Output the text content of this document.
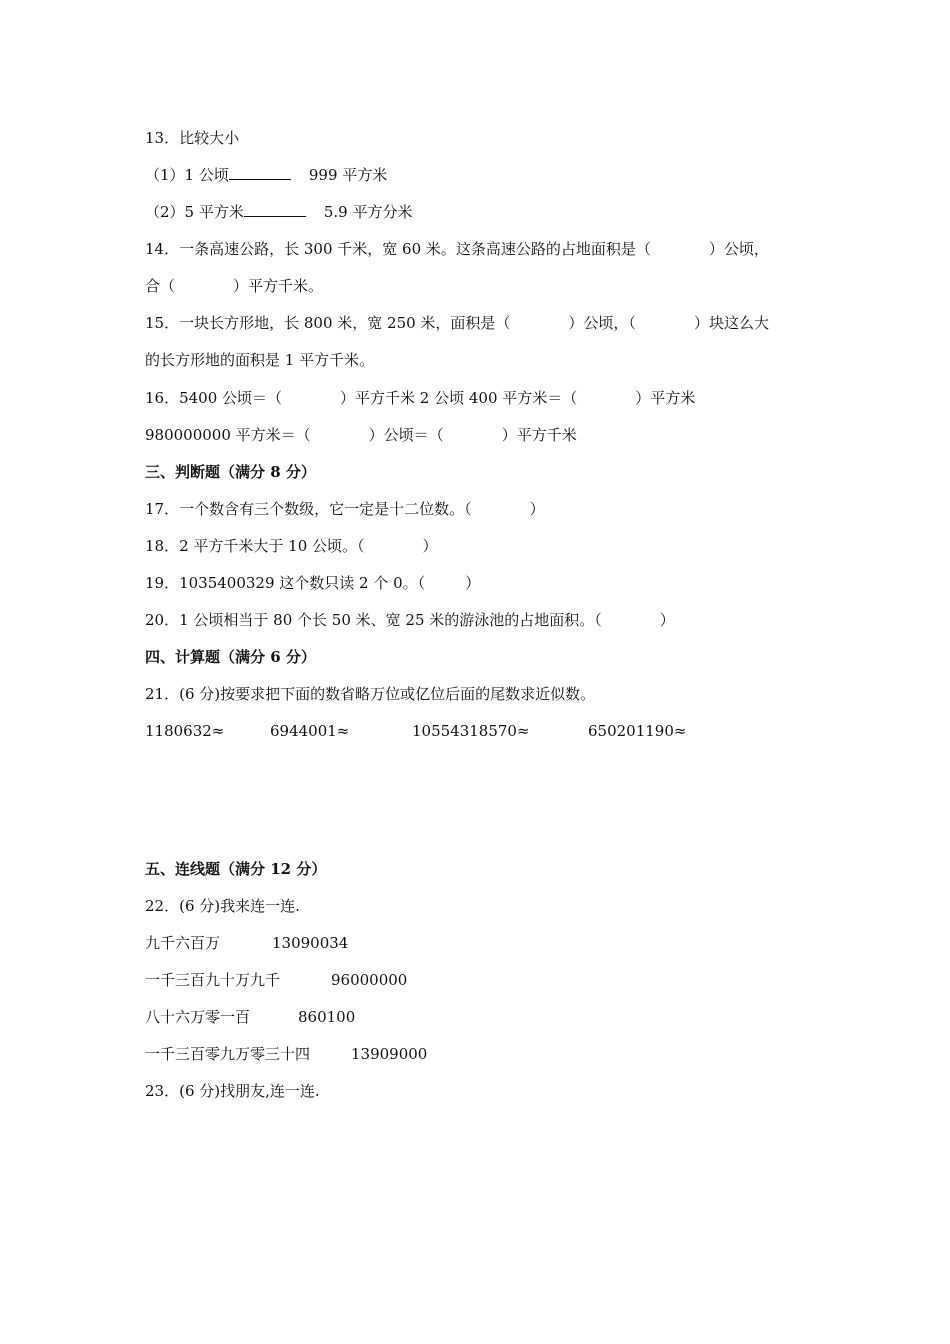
13．比较大小
（1）1 公顷	999 平方米
（2）5 平方米	5.9 平方分米
14．一条高速公路，长 300 千米，宽 60 米。这条高速公路的占地面积是（	）公顷，
合（	）平方千米。
15．一块长方形地，长 800 米，宽 250 米，面积是（	）公顷，（	）块这么大
的长方形地的面积是 1 平方千米。
16．5400 公顷＝（	）平方千米 2 公顷 400 平方米＝（	）平方米
980000000 平方米＝（	）公顷＝（	）平方千米
三、判断题（满分 8 分）
17．一个数含有三个数级，它一定是十二位数。（	）
18．2 平方千米大于 10 公顷。（	）
19．1035400329 这个数只读 2 个 0。（	）
20．1 公顷相当于 80 个长 50 米、宽 25 米的游泳池的占地面积。（	）
四、计算题（满分 6 分）
21．(6 分)按要求把下面的数省略万位或亿位后面的尾数求近似数。
1180632≈	6944001≈	10554318570≈	650201190≈
五、连线题（满分 12 分）
22．(6 分)我来连一连.
九千六百万	13090034
一千三百九十万九千	96000000
八十六万零一百	860100
一千三百零九万零三十四	13909000
23．(6 分)找朋友,连一连.
